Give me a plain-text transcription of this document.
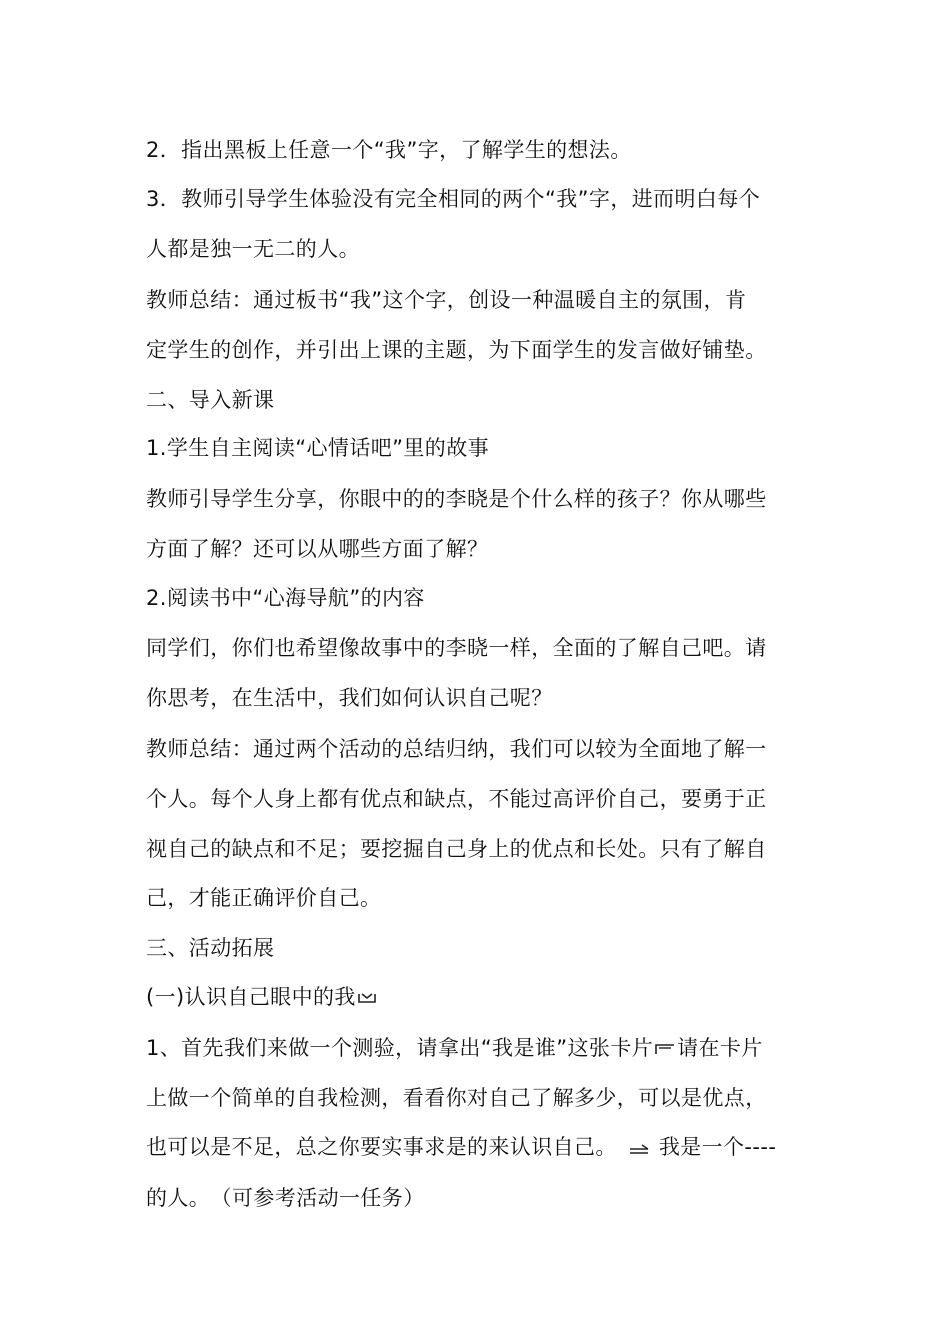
2．指出黑板上任意一个“我”字，了解学生的想法。
3．教师引导学生体验没有完全相同的两个“我”字，进而明白每个
人都是独一无二的人。
教师总结：通过板书“我”这个字，创设一种温暖自主的氛围，肯
定学生的创作，并引出上课的主题，为下面学生的发言做好铺垫。
二、导入新课
1.学生自主阅读“心情话吧”里的故事
教师引导学生分享，你眼中的的李晓是个什么样的孩子？你从哪些
方面了解？还可以从哪些方面了解？
2.阅读书中“心海导航”的内容
同学们，你们也希望像故事中的李晓一样，全面的了解自己吧。请
你思考，在生活中，我们如何认识自己呢？
教师总结：通过两个活动的总结归纳，我们可以较为全面地了解一
个人。每个人身上都有优点和缺点，不能过高评价自己，要勇于正
视自己的缺点和不足；要挖掘自己身上的优点和长处。只有了解自
己，才能正确评价自己。
三、活动拓展
(一)认识自己眼中的我
1、首先我们来做一个测验，请拿出“我是谁”这张卡片 请在卡片
上做一个简单的自我检测，看看你对自己了解多少，可以是优点，
也可以是不足，总之你要实事求是的来认识自己。 我是一个----
的人。　（可参考活动一任务）
